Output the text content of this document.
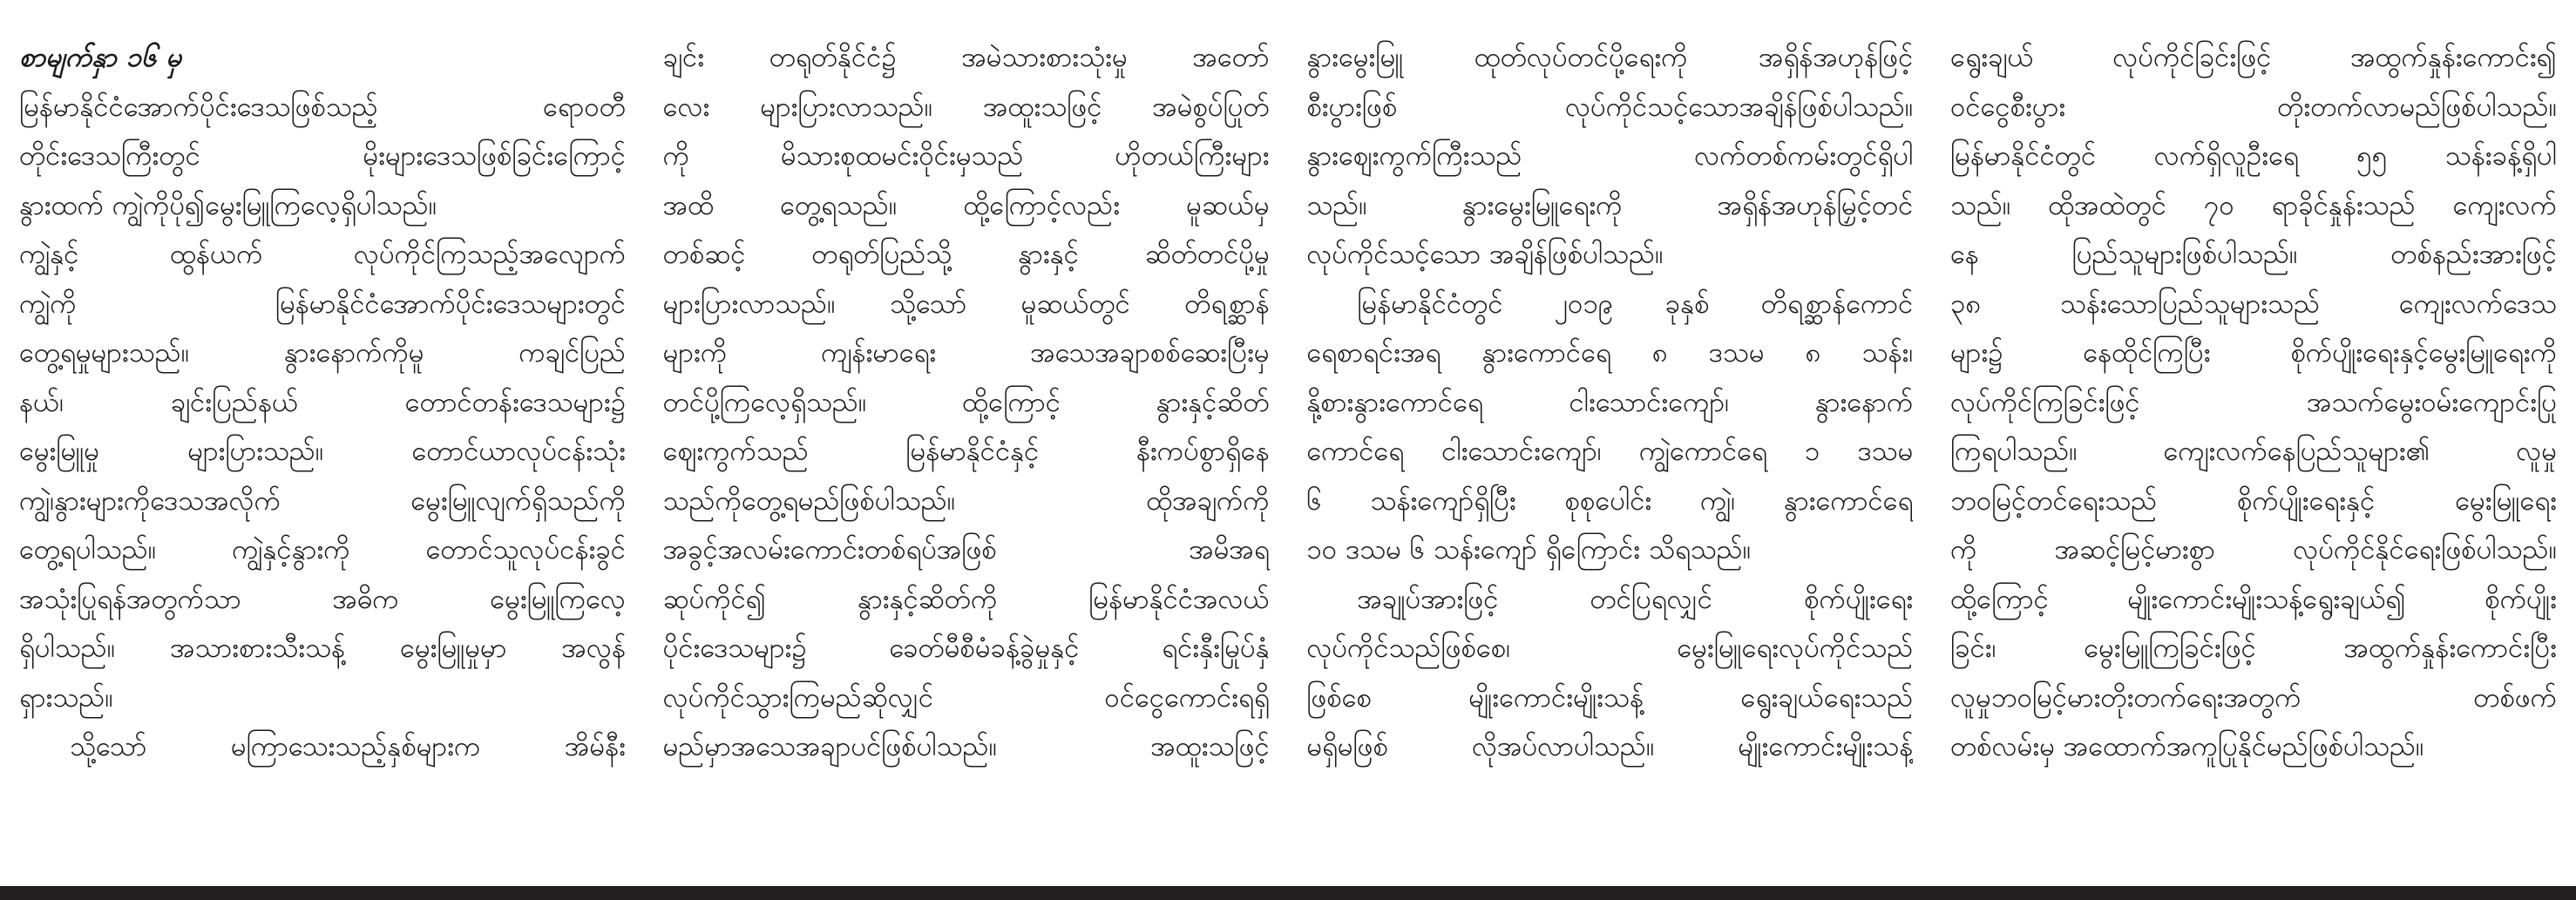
စာမျက်နှာ ၁၆ မှ
မြန်မာနိုင်ငံအောက်ပိုင်းဒေသဖြစ်သည့် ရောဝတီ
တိုင်းဒေသကြီးတွင် မိုးများဒေသဖြစ်ခြင်းကြောင့်
နွားထက် ကျွဲကိုပို၍မွေးမြူကြလေ့ရှိပါသည်။
ကျွဲနှင့် ထွန်ယက် လုပ်ကိုင်ကြသည့်အလျောက်
ကျွဲကို မြန်မာနိုင်ငံအောက်ပိုင်းဒေသများတွင်
တွေ့ရမှုများသည်။ နွားနောက်ကိုမူ ကချင်ပြည်
နယ်၊ ချင်းပြည်နယ် တောင်တန်းဒေသများ၌
မွေးမြူမှု များပြားသည်။ တောင်ယာလုပ်ငန်းသုံး
ကျွဲ၊နွားများကိုဒေသအလိုက် မွေးမြူလျက်ရှိသည်ကို
တွေ့ရပါသည်။ ကျွဲနှင့်နွားကို တောင်သူလုပ်ငန်းခွင်
အသုံးပြုရန်အတွက်သာ အဓိက မွေးမြူကြလေ့
ရှိပါသည်။ အသားစားသီးသန့် မွေးမြူမှုမှာ အလွန်
ရှားသည်။
သို့သော် မကြာသေးသည့်နှစ်များက အိမ်နီး
ချင်း တရုတ်နိုင်ငံ၌ အမဲသားစားသုံးမှု အတော်
လေး များပြားလာသည်။ အထူးသဖြင့် အမဲစွပ်ပြုတ်
ကို မိသားစုထမင်းဝိုင်းမှသည် ဟိုတယ်ကြီးများ
အထိ တွေ့ရသည်။ ထို့ကြောင့်လည်း မူဆယ်မှ
တစ်ဆင့် တရုတ်ပြည်သို့ နွားနှင့် ဆိတ်တင်ပို့မှု
များပြားလာသည်။ သို့သော် မူဆယ်တွင် တိရစ္ဆာန်
များကို ကျန်းမာရေး အသေအချာစစ်ဆေးပြီးမှ
တင်ပို့ကြလေ့ရှိသည်။ ထို့ကြောင့် နွားနှင့်ဆိတ်
ဈေးကွက်သည် မြန်မာနိုင်ငံနှင့် နီးကပ်စွာရှိနေ
သည်ကိုတွေ့ရမည်ဖြစ်ပါသည်။ ထိုအချက်ကို
အခွင့်အလမ်းကောင်းတစ်ရပ်အဖြစ် အမိအရ
ဆုပ်ကိုင်၍ နွားနှင့်ဆိတ်ကို မြန်မာနိုင်ငံအလယ်
ပိုင်းဒေသများ၌ ခေတ်မီစီမံခန့်ခွဲမှုနှင့် ရင်းနှီးမြုပ်နှံ
လုပ်ကိုင်သွားကြမည်ဆိုလျှင် ဝင်ငွေကောင်းရရှိ
မည်မှာအသေအချာပင်ဖြစ်ပါသည်။ အထူးသဖြင့်
နွားမွေးမြူ ထုတ်လုပ်တင်ပို့ရေးကို အရှိန်အဟုန်ဖြင့်
စီးပွားဖြစ် လုပ်ကိုင်သင့်သောအချိန်ဖြစ်ပါသည်။
နွားဈေးကွက်ကြီးသည် လက်တစ်ကမ်းတွင်ရှိပါ
သည်။ နွားမွေးမြူရေးကို အရှိန်အဟုန်မြှင့်တင်
လုပ်ကိုင်သင့်သော အချိန်ဖြစ်ပါသည်။
မြန်မာနိုင်ငံတွင် ၂၀၁၉ ခုနှစ် တိရစ္ဆာန်ကောင်
ရေစာရင်းအရ နွားကောင်ရေ ၈ ဒသမ ၈ သန်း၊
နို့စားနွားကောင်ရေ ငါးသောင်းကျော်၊ နွားနောက်
ကောင်ရေ ငါးသောင်းကျော်၊ ကျွဲကောင်ရေ ၁ ဒသမ
၆ သန်းကျော်ရှိပြီး စုစုပေါင်း ကျွဲ၊ နွားကောင်ရေ
၁၀ ဒသမ ၆ သန်းကျော် ရှိကြောင်း သိရသည်။
အချုပ်အားဖြင့် တင်ပြရလျှင် စိုက်ပျိုးရေး
လုပ်ကိုင်သည်ဖြစ်စေ၊ မွေးမြူရေးလုပ်ကိုင်သည်
ဖြစ်စေ မျိုးကောင်းမျိုးသန့် ရွေးချယ်ရေးသည်
မရှိမဖြစ် လိုအပ်လာပါသည်။ မျိုးကောင်းမျိုးသန့်
ရွေးချယ် လုပ်ကိုင်ခြင်းဖြင့် အထွက်နှုန်းကောင်း၍
ဝင်ငွေစီးပွား တိုးတက်လာမည်ဖြစ်ပါသည်။
မြန်မာနိုင်ငံတွင် လက်ရှိလူဦးရေ ၅၅ သန်းခန့်ရှိပါ
သည်။ ထိုအထဲတွင် ၇၀ ရာခိုင်နှုန်းသည် ကျေးလက်
နေ ပြည်သူများဖြစ်ပါသည်။ တစ်နည်းအားဖြင့်
၃၈ သန်းသောပြည်သူများသည် ကျေးလက်ဒေသ
များ၌ နေထိုင်ကြပြီး စိုက်ပျိုးရေးနှင့်မွေးမြူရေးကို
လုပ်ကိုင်ကြခြင်းဖြင့် အသက်မွေးဝမ်းကျောင်းပြု
ကြရပါသည်။ ကျေးလက်နေပြည်သူများ၏ လူမှု
ဘဝမြင့်တင်ရေးသည် စိုက်ပျိုးရေးနှင့် မွေးမြူရေး
ကို အဆင့်မြင့်မားစွာ လုပ်ကိုင်နိုင်ရေးဖြစ်ပါသည်။
ထို့ကြောင့် မျိုးကောင်းမျိုးသန့်ရွေးချယ်၍ စိုက်ပျိုး
ခြင်း၊ မွေးမြူကြခြင်းဖြင့် အထွက်နှုန်းကောင်းပြီး
လူမှုဘဝမြင့်မားတိုးတက်ရေးအတွက် တစ်ဖက်
တစ်လမ်းမှ အထောက်အကူပြုနိုင်မည်ဖြစ်ပါသည်။
